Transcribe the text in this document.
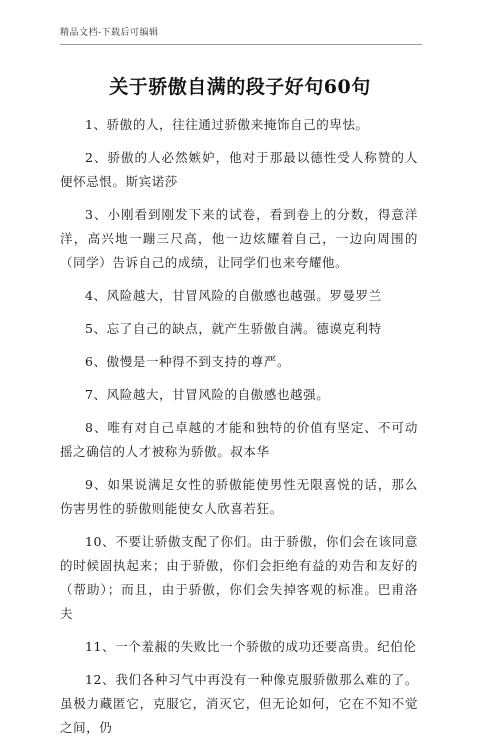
精品文档-下载后可编辑
关于骄傲自满的段子好句60句

1、骄傲的人，往往通过骄傲来掩饰自己的卑怯。

2、骄傲的人必然嫉妒，他对于那最以德性受人称赞的人便怀忌恨。斯宾诺莎

3、小刚看到刚发下来的试卷，看到卷上的分数，得意洋洋，高兴地一蹦三尺高，他一边炫耀着自己，一边向周围的（同学）告诉自己的成绩，让同学们也来夸耀他。

4、风险越大，甘冒风险的自傲感也越强。罗曼罗兰

5、忘了自己的缺点，就产生骄傲自满。德谟克利特

6、傲慢是一种得不到支持的尊严。

7、风险越大，甘冒风险的自傲感也越强。

8、唯有对自己卓越的才能和独特的价值有坚定、不可动摇之确信的人才被称为骄傲。叔本华

9、如果说满足女性的骄傲能使男性无限喜悦的话，那么伤害男性的骄傲则能使女人欣喜若狂。

10、不要让骄傲支配了你们。由于骄傲，你们会在该同意的时候固执起来；由于骄傲，你们会拒绝有益的劝告和友好的（帮助）；而且，由于骄傲，你们会失掉客观的标准。巴甫洛夫

11、一个羞赧的失败比一个骄傲的成功还要高贵。纪伯伦

12、我们各种习气中再没有一种像克服骄傲那么难的了。虽极力藏匿它，克服它，消灭它，但无论如何，它在不知不觉之间，仍
